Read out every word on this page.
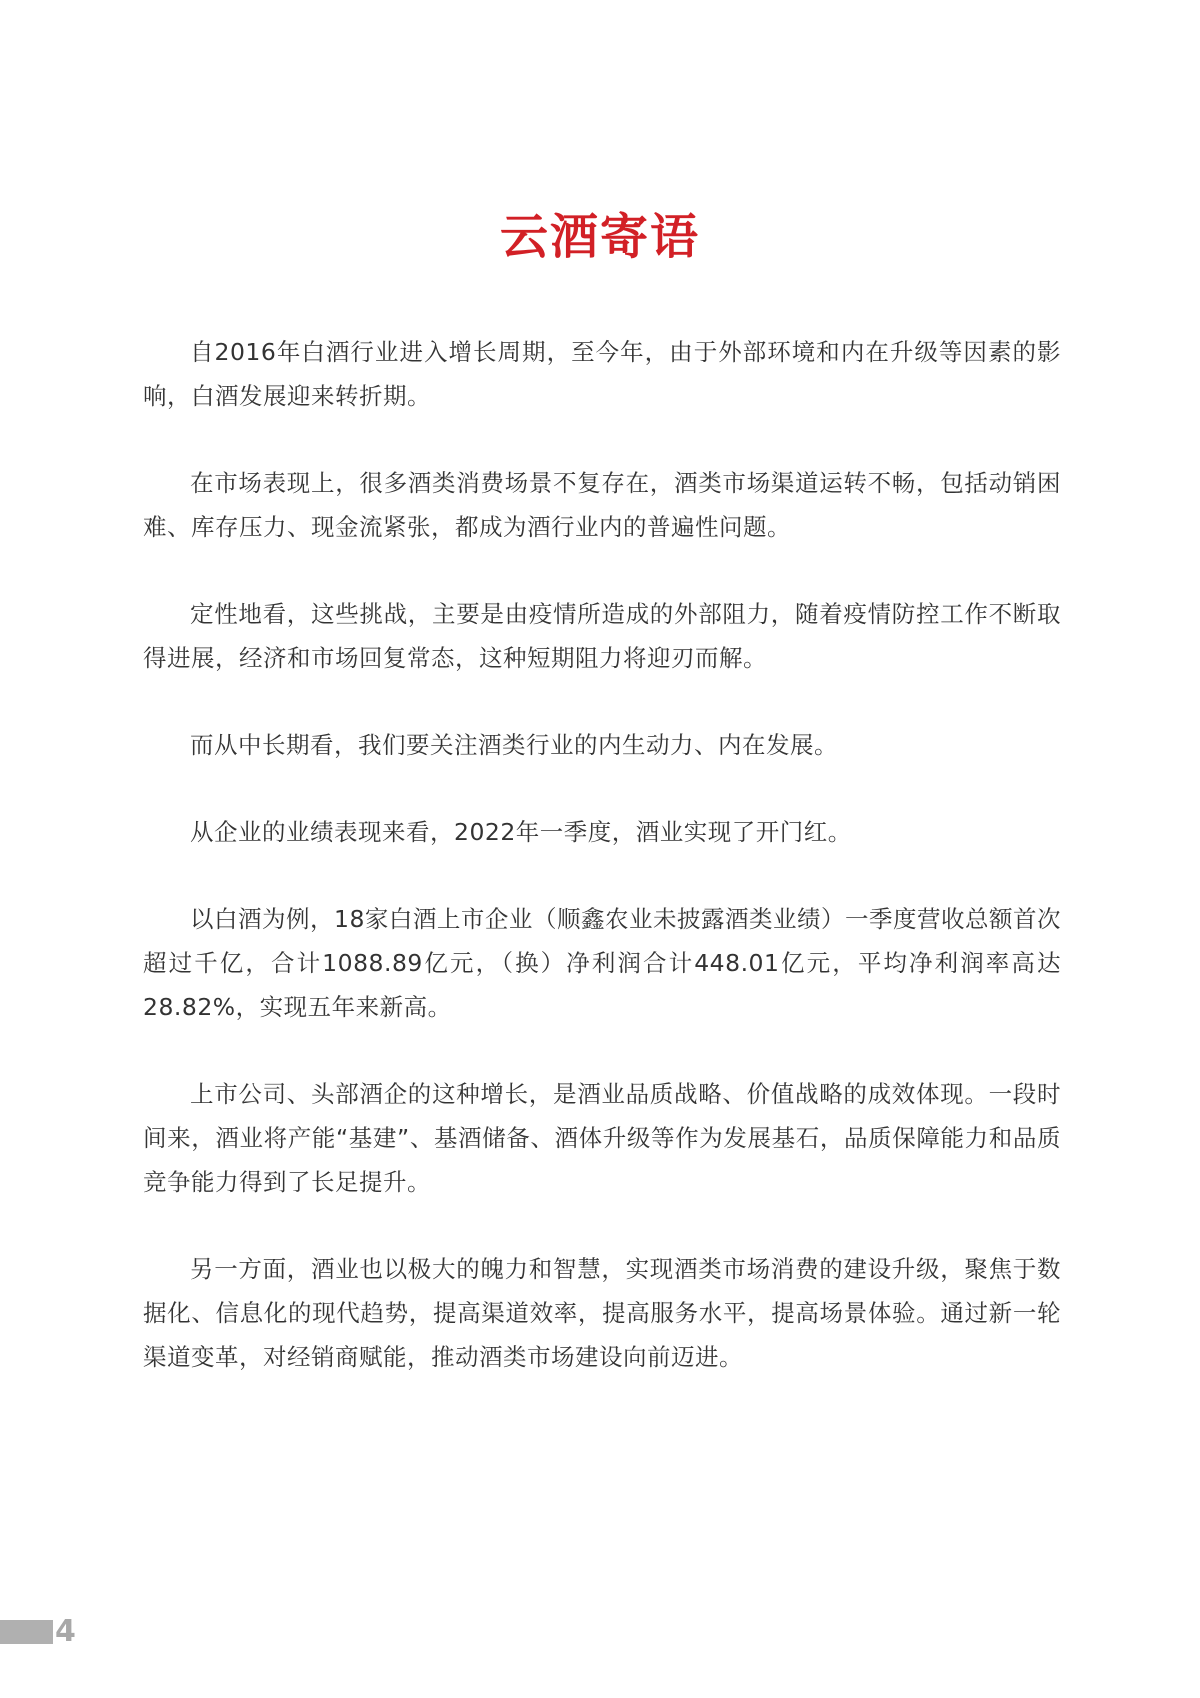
云酒寄语

自2016年白酒行业进入增长周期，至今年，由于外部环境和内在升级等因素的影响，白酒发展迎来转折期。

在市场表现上，很多酒类消费场景不复存在，酒类市场渠道运转不畅，包括动销困难、库存压力、现金流紧张，都成为酒行业内的普遍性问题。

定性地看，这些挑战，主要是由疫情所造成的外部阻力，随着疫情防控工作不断取得进展，经济和市场回复常态，这种短期阻力将迎刃而解。

而从中长期看，我们要关注酒类行业的内生动力、内在发展。

从企业的业绩表现来看，2022年一季度，酒业实现了开门红。

以白酒为例，18家白酒上市企业（顺鑫农业未披露酒类业绩）一季度营收总额首次超过千亿，合计1088.89亿元，（换）净利润合计448.01亿元，平均净利润率高达28.82%，实现五年来新高。

上市公司、头部酒企的这种增长，是酒业品质战略、价值战略的成效体现。一段时间来，酒业将产能“基建”、基酒储备、酒体升级等作为发展基石，品质保障能力和品质竞争能力得到了长足提升。

另一方面，酒业也以极大的魄力和智慧，实现酒类市场消费的建设升级，聚焦于数据化、信息化的现代趋势，提高渠道效率，提高服务水平，提高场景体验。通过新一轮渠道变革，对经销商赋能，推动酒类市场建设向前迈进。

4
